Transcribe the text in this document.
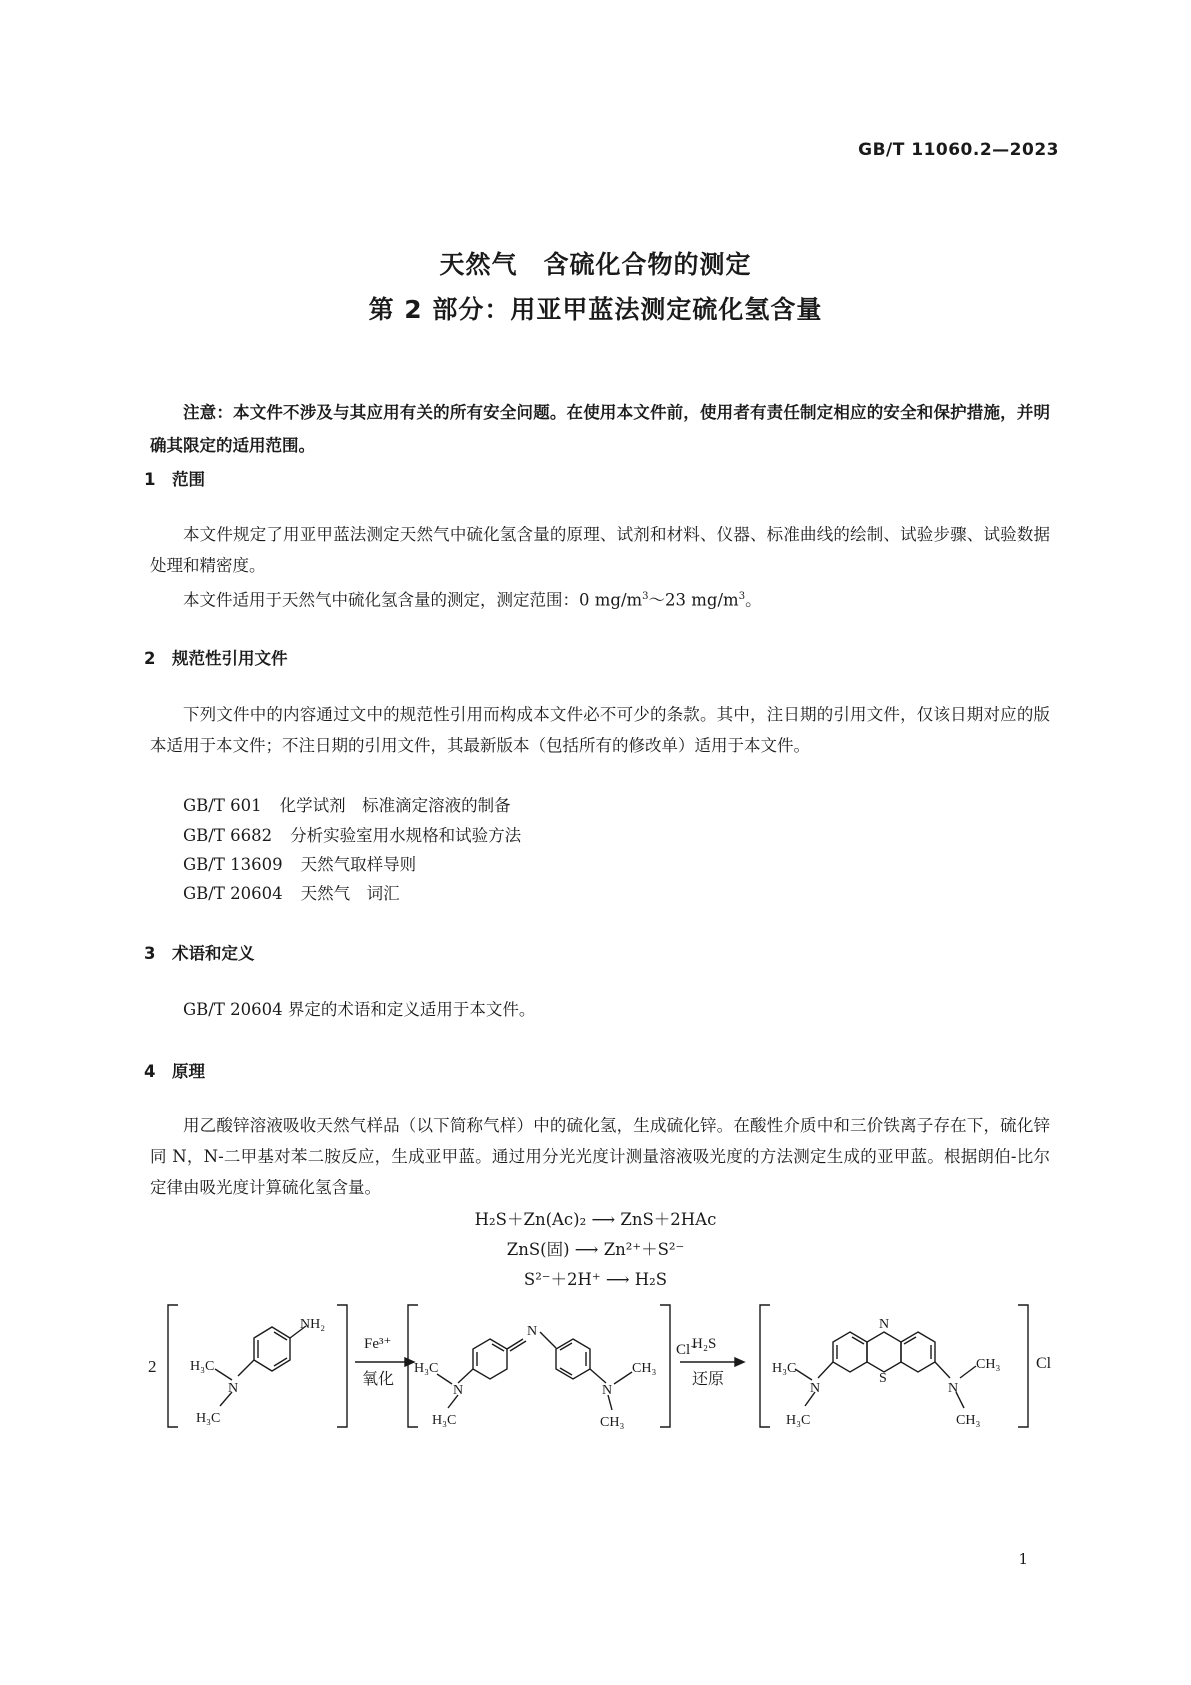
GB/T 11060.2—2023
天然气　含硫化合物的测定
第 2 部分：用亚甲蓝法测定硫化氢含量
注意：本文件不涉及与其应用有关的所有安全问题。在使用本文件前，使用者有责任制定相应的安全和保护措施，并明确其限定的适用范围。
1 范围
本文件规定了用亚甲蓝法测定天然气中硫化氢含量的原理、试剂和材料、仪器、标准曲线的绘制、试验步骤、试验数据处理和精密度。
本文件适用于天然气中硫化氢含量的测定，测定范围：0 $mg/m^3\sim 23$ $mg/m^3$。
2 规范性引用文件
下列文件中的内容通过文中的规范性引用而构成本文件必不可少的条款。其中，注日期的引用文件，仅该日期对应的版本适用于本文件；不注日期的引用文件，其最新版本（包括所有的修改单）适用于本文件。
GB/T 601 化学试剂　标准滴定溶液的制备
GB/T 6682 分析实验室用水规格和试验方法
GB/T 13609 天然气取样导则
GB/T 20604 天然气　词汇
3 术语和定义
GB/T 20604 界定的术语和定义适用于本文件。
4 原理
用乙酸锌溶液吸收天然气样品（以下简称气样）中的硫化氢，生成硫化锌。在酸性介质中和三价铁离子存在下，硫化锌同 N，N-二甲基对苯二胺反应，生成亚甲蓝。通过用分光光度计测量溶液吸光度的方法测定生成的亚甲蓝。根据朗伯-比尔定律由吸光度计算硫化氢含量。
H₂S＋Zn(Ac)₂ ⟶ ZnS＋2HAc
ZnS(固) ⟶ Zn²⁺＋S²⁻
S²⁻＋2H⁺ ⟶ H₂S
2
NH₂
H₃C
N
H₃C
Fe³⁺
氧化
H₃C
N
H₃C
N
N
CH₃
CH₃
Cl⁻
H₂S
还原
N
S
H₃C
N
H₃C
N
CH₃
CH₃
Cl
1
